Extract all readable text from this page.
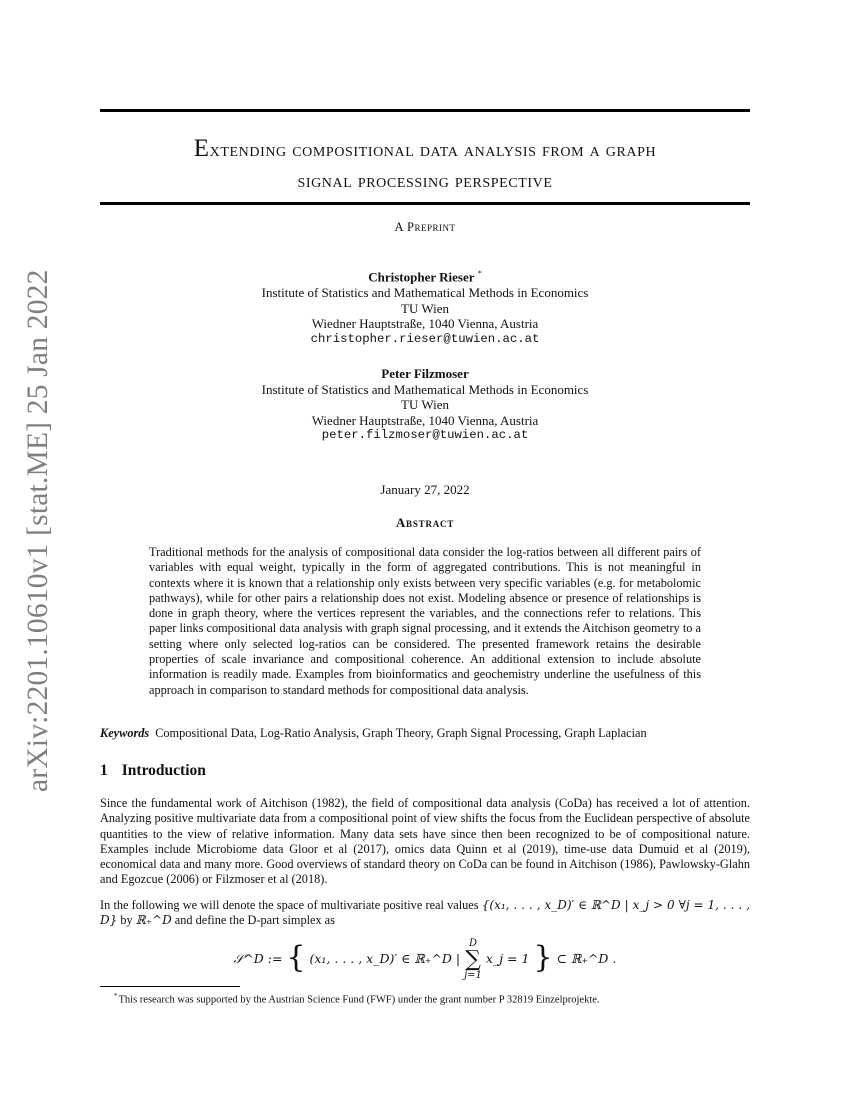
arXiv:2201.10610v1 [stat.ME] 25 Jan 2022
Extending compositional data analysis from a graph
signal processing perspective
A Preprint
Christopher Rieser *
Institute of Statistics and Mathematical Methods in Economics
TU Wien
Wiedner Hauptstraße, 1040 Vienna, Austria
christopher.rieser@tuwien.ac.at
Peter Filzmoser
Institute of Statistics and Mathematical Methods in Economics
TU Wien
Wiedner Hauptstraße, 1040 Vienna, Austria
peter.filzmoser@tuwien.ac.at
January 27, 2022
Abstract

Traditional methods for the analysis of compositional data consider the log-ratios between all different pairs of variables with equal weight, typically in the form of aggregated contributions. This is not meaningful in contexts where it is known that a relationship only exists between very specific variables (e.g. for metabolomic pathways), while for other pairs a relationship does not exist. Modeling absence or presence of relationships is done in graph theory, where the vertices represent the variables, and the connections refer to relations. This paper links compositional data analysis with graph signal processing, and it extends the Aitchison geometry to a setting where only selected log-ratios can be considered. The presented framework retains the desirable properties of scale invariance and compositional coherence. An additional extension to include absolute information is readily made. Examples from bioinformatics and geochemistry underline the usefulness of this approach in comparison to standard methods for compositional data analysis.

Keywords Compositional Data, Log-Ratio Analysis, Graph Theory, Graph Signal Processing, Graph Laplacian
1 Introduction

Since the fundamental work of Aitchison (1982), the field of compositional data analysis (CoDa) has received a lot of attention. Analyzing positive multivariate data from a compositional point of view shifts the focus from the Euclidean perspective of absolute quantities to the view of relative information. Many data sets have since then been recognized to be of compositional nature. Examples include Microbiome data Gloor et al (2017), omics data Quinn et al (2019), time-use data Dumuid et al (2019), economical data and many more. Good overviews of standard theory on CoDa can be found in Aitchison (1986), Pawlowsky-Glahn and Egozcue (2006) or Filzmoser et al (2018).

In the following we will denote the space of multivariate positive real values {(x₁, . . . , x_D)′ ∈ ℝ^D | x_j > 0 ∀j = 1, . . . , D} by ℝ₊^D and define the D-part simplex as

𝒮^D := { (x₁, . . . , x_D)′ ∈ ℝ₊^D |
D
∑
j=1
x_j = 1 } ⊂ ℝ₊^D .
*This research was supported by the Austrian Science Fund (FWF) under the grant number P 32819 Einzelprojekte.
